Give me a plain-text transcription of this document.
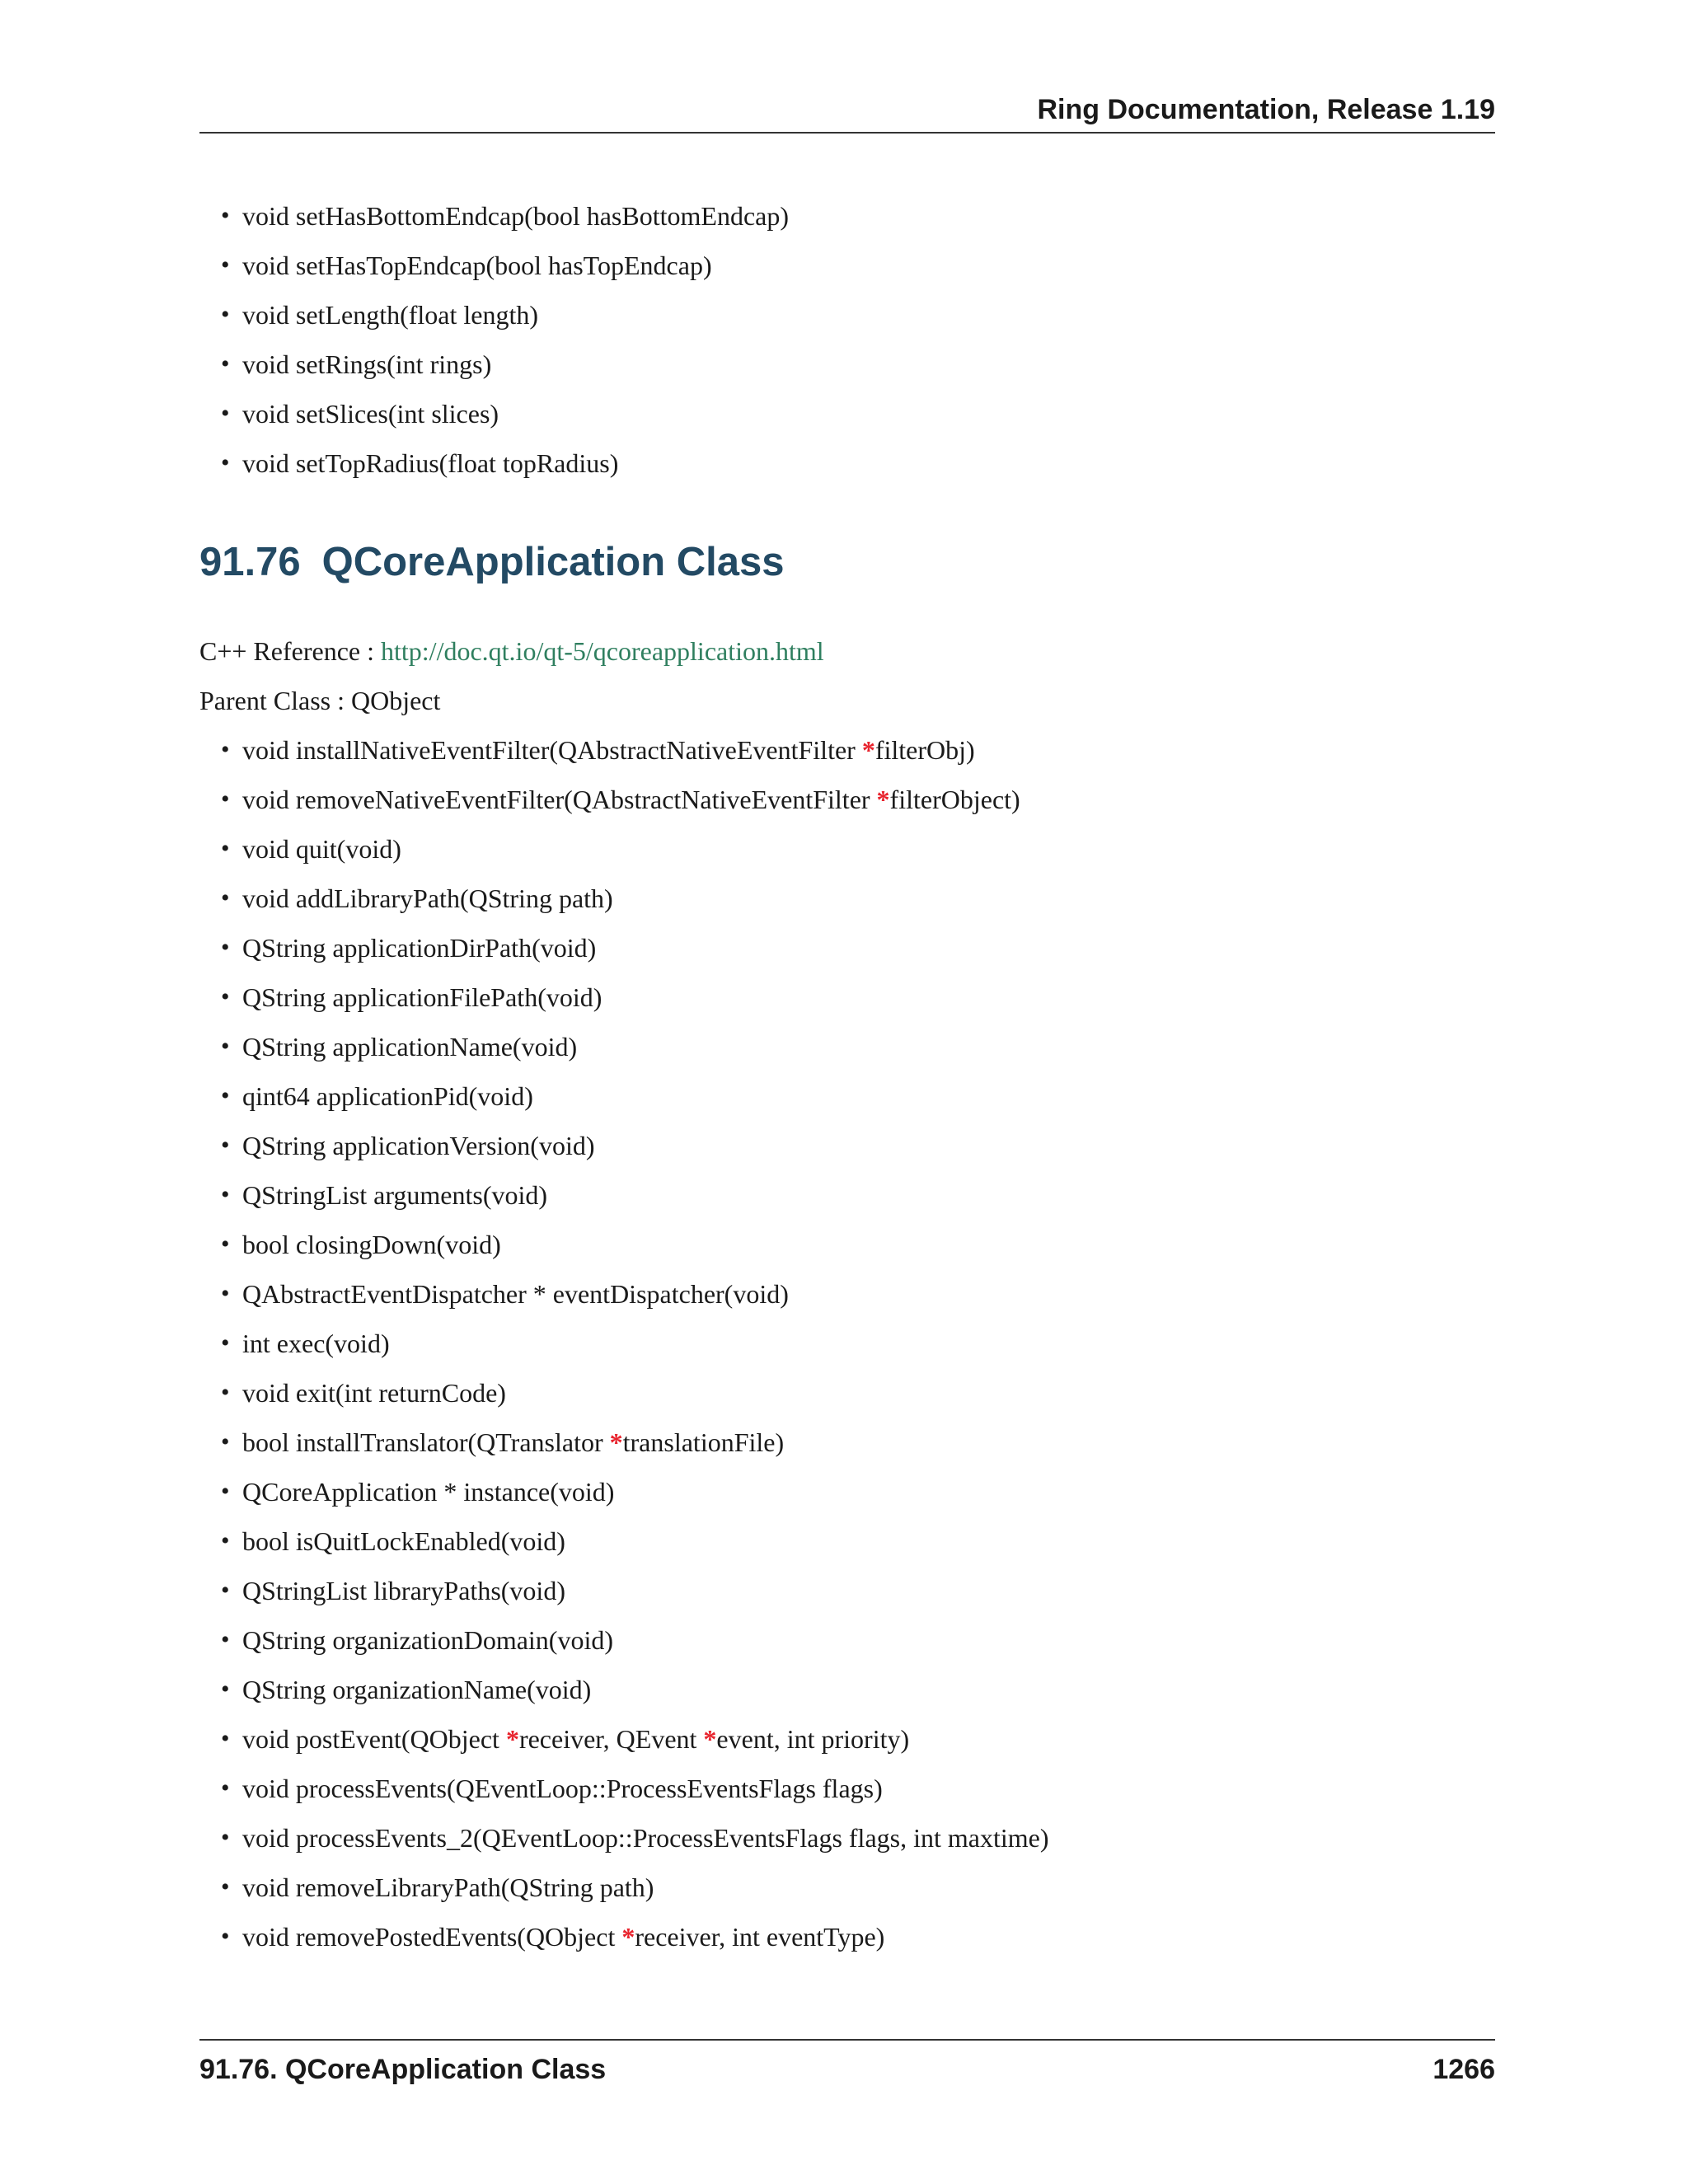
Ring Documentation, Release 1.19
• void setHasBottomEndcap(bool hasBottomEndcap)
• void setHasTopEndcap(bool hasTopEndcap)
• void setLength(float length)
• void setRings(int rings)
• void setSlices(int slices)
• void setTopRadius(float topRadius)
91.76 QCoreApplication Class
C++ Reference : http://doc.qt.io/qt-5/qcoreapplication.html
Parent Class : QObject
• void installNativeEventFilter(QAbstractNativeEventFilter *filterObj)
• void removeNativeEventFilter(QAbstractNativeEventFilter *filterObject)
• void quit(void)
• void addLibraryPath(QString path)
• QString applicationDirPath(void)
• QString applicationFilePath(void)
• QString applicationName(void)
• qint64 applicationPid(void)
• QString applicationVersion(void)
• QStringList arguments(void)
• bool closingDown(void)
• QAbstractEventDispatcher * eventDispatcher(void)
• int exec(void)
• void exit(int returnCode)
• bool installTranslator(QTranslator *translationFile)
• QCoreApplication * instance(void)
• bool isQuitLockEnabled(void)
• QStringList libraryPaths(void)
• QString organizationDomain(void)
• QString organizationName(void)
• void postEvent(QObject *receiver, QEvent *event, int priority)
• void processEvents(QEventLoop::ProcessEventsFlags flags)
• void processEvents_2(QEventLoop::ProcessEventsFlags flags, int maxtime)
• void removeLibraryPath(QString path)
• void removePostedEvents(QObject *receiver, int eventType)
91.76. QCoreApplication Class	1266
